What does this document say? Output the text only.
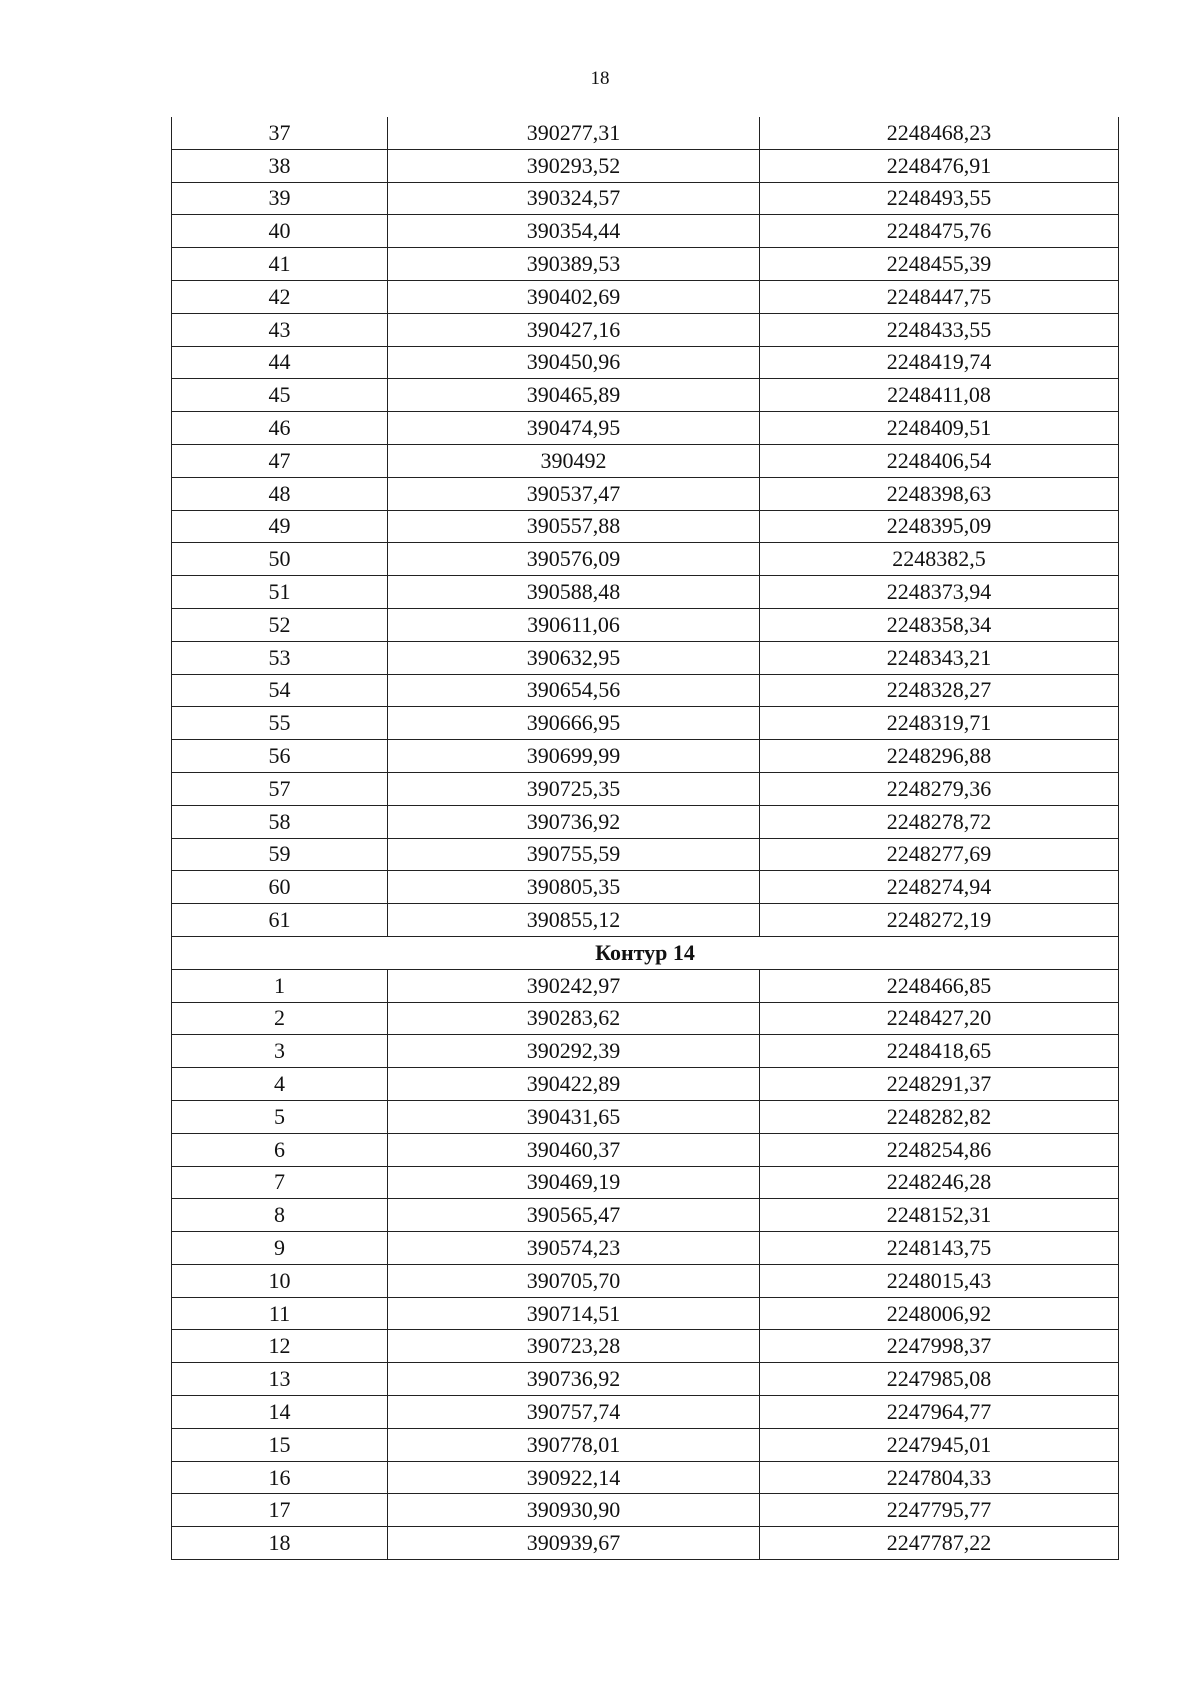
18
37	390277,31	2248468,23
38	390293,52	2248476,91
39	390324,57	2248493,55
40	390354,44	2248475,76
41	390389,53	2248455,39
42	390402,69	2248447,75
43	390427,16	2248433,55
44	390450,96	2248419,74
45	390465,89	2248411,08
46	390474,95	2248409,51
47	390492	2248406,54
48	390537,47	2248398,63
49	390557,88	2248395,09
50	390576,09	2248382,5
51	390588,48	2248373,94
52	390611,06	2248358,34
53	390632,95	2248343,21
54	390654,56	2248328,27
55	390666,95	2248319,71
56	390699,99	2248296,88
57	390725,35	2248279,36
58	390736,92	2248278,72
59	390755,59	2248277,69
60	390805,35	2248274,94
61	390855,12	2248272,19
Контур 14		
1	390242,97	2248466,85
2	390283,62	2248427,20
3	390292,39	2248418,65
4	390422,89	2248291,37
5	390431,65	2248282,82
6	390460,37	2248254,86
7	390469,19	2248246,28
8	390565,47	2248152,31
9	390574,23	2248143,75
10	390705,70	2248015,43
11	390714,51	2248006,92
12	390723,28	2247998,37
13	390736,92	2247985,08
14	390757,74	2247964,77
15	390778,01	2247945,01
16	390922,14	2247804,33
17	390930,90	2247795,77
18	390939,67	2247787,22
